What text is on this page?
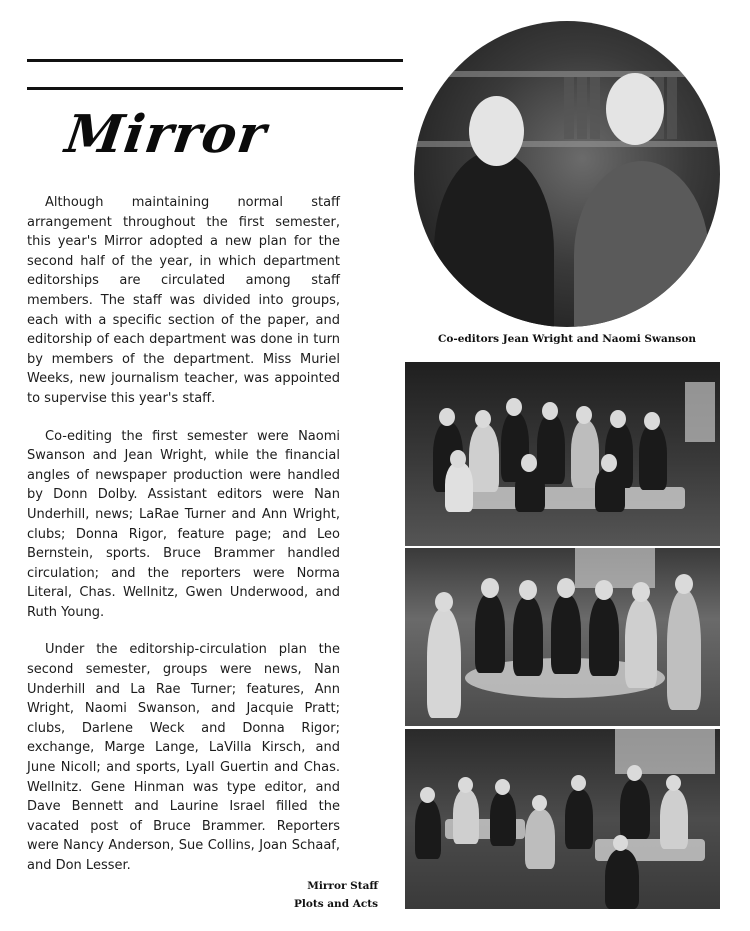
Mirror

Although maintaining normal staff arrangement throughout the first semester, this year's Mirror adopted a new plan for the second half of the year, in which department editorships are circulated among staff members. The staff was divided into groups, each with a specific section of the paper, and editorship of each department was done in turn by members of the department. Miss Muriel Weeks, new journalism teacher, was appointed to supervise this year's staff.

Co-editing the first semester were Naomi Swanson and Jean Wright, while the financial angles of newspaper production were handled by Donn Dolby. Assistant editors were Nan Underhill, news; LaRae Turner and Ann Wright, clubs; Donna Rigor, feature page; and Leo Bernstein, sports. Bruce Brammer handled circulation; and the reporters were Norma Literal, Chas. Wellnitz, Gwen Underwood, and Ruth Young.

Under the editorship-circulation plan the second semester, groups were news, Nan Underhill and La Rae Turner; features, Ann Wright, Naomi Swanson, and Jacquie Pratt; clubs, Darlene Weck and Donna Rigor; exchange, Marge Lange, LaVilla Kirsch, and June Nicoll; and sports, Lyall Guertin and Chas. Wellnitz. Gene Hinman was type editor, and Dave Bennett and Laurine Israel filled the vacated post of Bruce Brammer. Reporters were Nancy Anderson, Sue Collins, Joan Schaaf, and Don Lesser.

Mirror Staff
Plots and Acts
Co-editors Jean Wright and Naomi Swanson
